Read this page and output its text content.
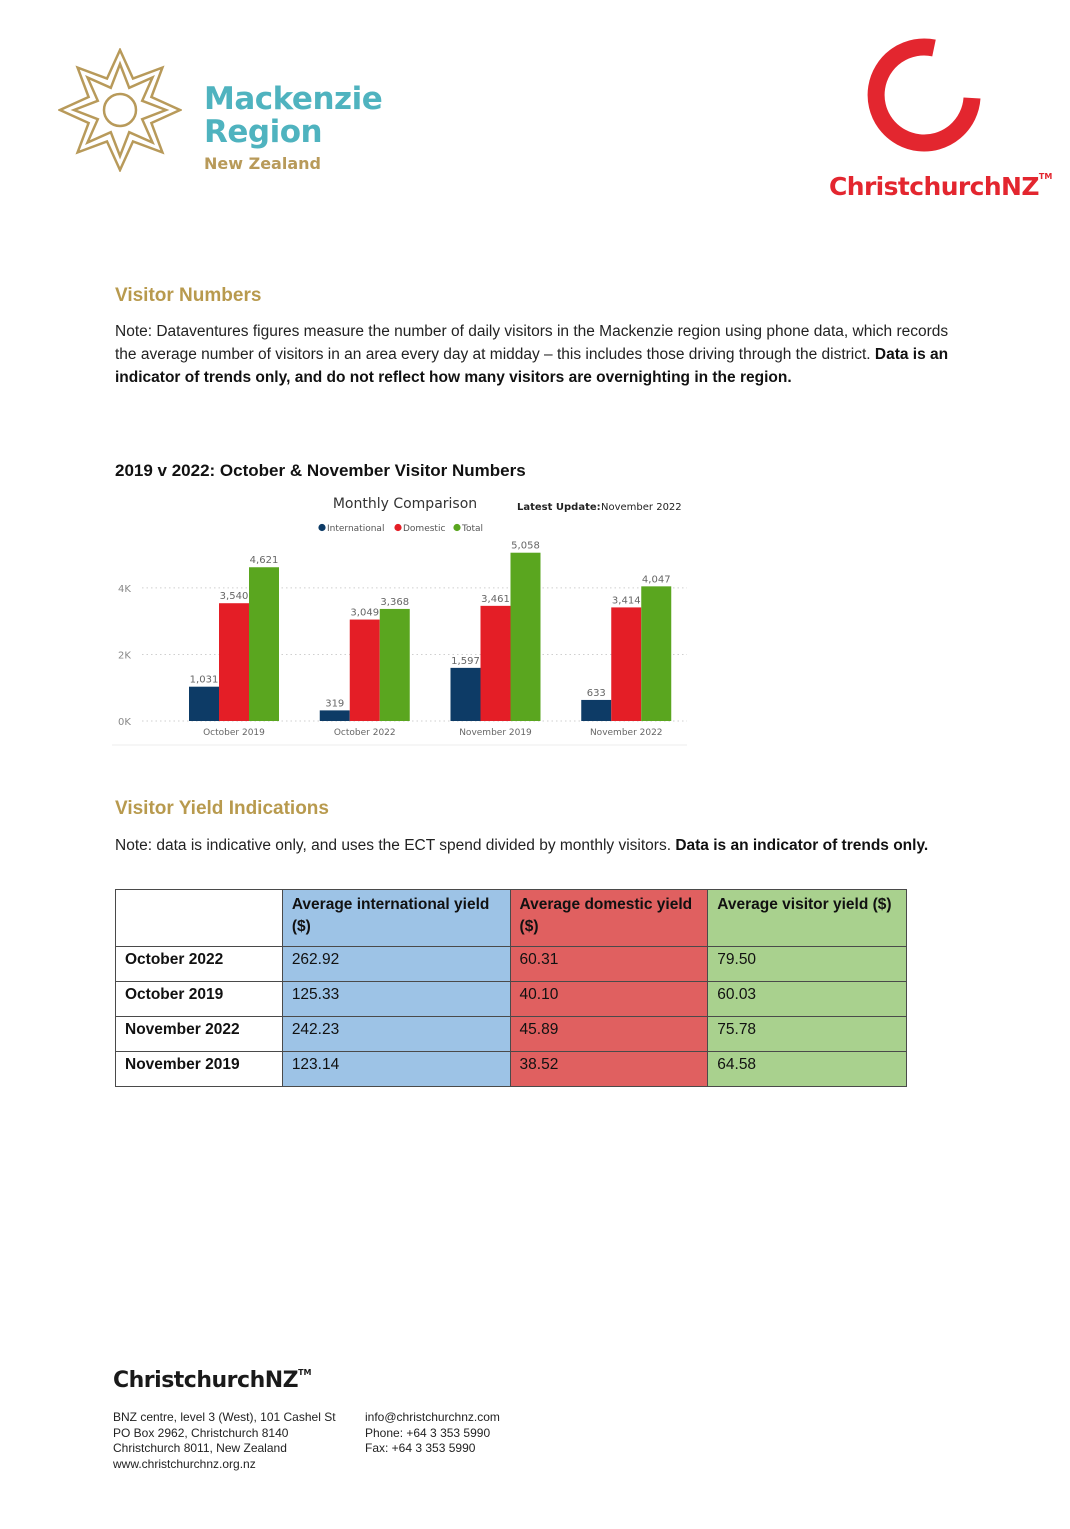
Mackenzie
Region
New Zealand
ChristchurchNZ™
Visitor Numbers
Note: Dataventures figures measure the number of daily visitors in the Mackenzie region using phone data, which records the average number of visitors in an area every day at midday – this includes those driving through the district. Data is an indicator of trends only, and do not reflect how many visitors are overnighting in the region.
2019 v 2022: October & November Visitor Numbers
Monthly Comparison	Latest Update: November 2022
International Domestic Total
0K
2K
4K
1,031
3,540
4,621
319
3,049
3,368
1,597
3,461
5,058
633
3,414
4,047
October 2019	October 2022	November 2019	November 2022
Visitor Yield Indications
Note: data is indicative only, and uses the ECT spend divided by monthly visitors. Data is an indicator of trends only.
	Average international yield ($)	Average domestic yield ($)	Average visitor yield ($)
October 2022	262.92	60.31	79.50
October 2019	125.33	40.10	60.03
November 2022	242.23	45.89	75.78
November 2019	123.14	38.52	64.58
ChristchurchNZ™
BNZ centre, level 3 (West), 101 Cashel St
PO Box 2962, Christchurch 8140
Christchurch 8011, New Zealand
www.christchurchnz.org.nz
info@christchurchnz.com
Phone: +64 3 353 5990
Fax: +64 3 353 5990
